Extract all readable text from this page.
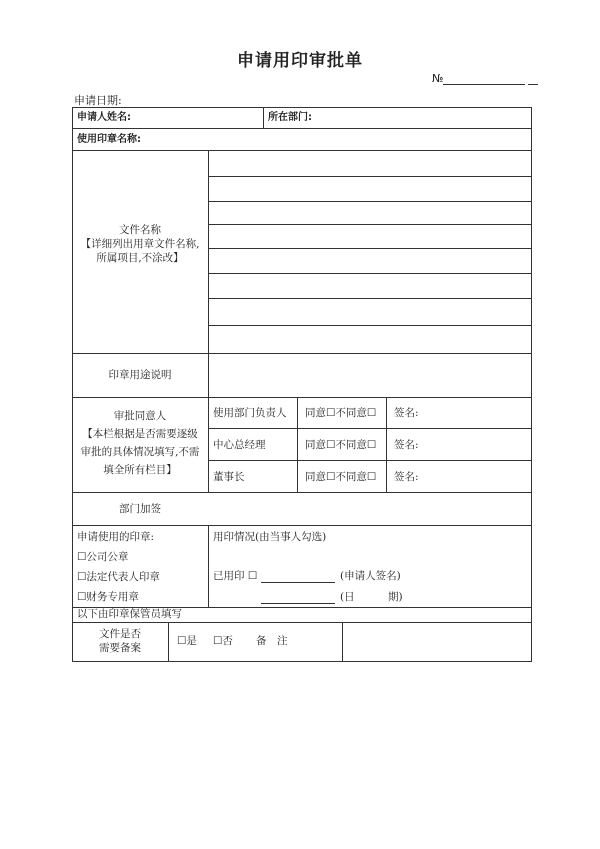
申请用印审批单
№
申请日期:
申请人姓名:	所在部门:
使用印章名称:
文件名称
【详细列出用章文件名称,
所属项目,不涂改】
印章用途说明
审批同意人
【本栏根据是否需要逐级
审批的具体情况填写,不需
填全所有栏目】
使用部门负责人 同意☐不同意☐ 签名:
中心总经理	同意☐不同意☐ 签名:
董事长	同意☐不同意☐ 签名:
部门加签
申请使用的印章:
☐公司公章
☐法定代表人印章
☐财务专用章
用印情况(由当事人勾选)
已用印 ☐	(申请人签名)
(日	期)
以下由印章保管员填写
文件是否
需要备案
☐是 ☐否 备　注
